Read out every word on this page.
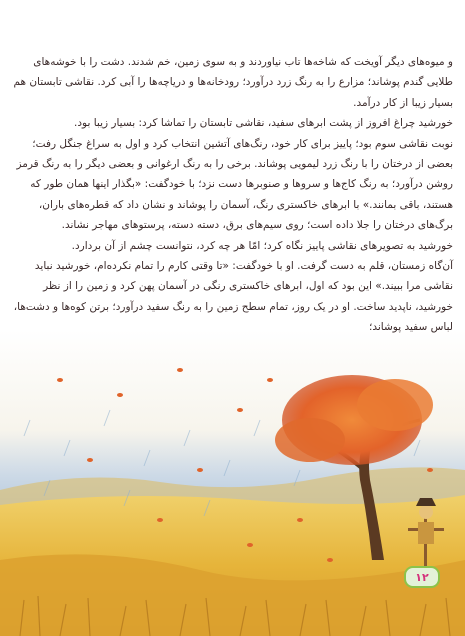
و میوه‌های دیگر آویخت که شاخه‌ها تاب نیاوردند و به سوی زمین، خم شدند. دشت را با خوشه‌های طلایی گندم پوشاند؛ مزارع را به رنگ زرد درآورد؛ رودخانه‌ها و دریاچه‌ها را آبی کرد. نقاشی تابستان هم بسیار زیبا از کار درآمد.

خورشید چراغ افروز از پشت ابرهای سفید، نقاشی تابستان را تماشا کرد: بسیار زیبا بود.

نوبت نقاشی سوم بود؛ پاییز برای کار خود، رنگ‌های آتشین انتخاب کرد و اول به سراغ جنگل رفت؛ بعضی از درختان را با رنگ زرد لیمویی پوشاند. برخی را به رنگ ارغوانی و بعضی دیگر را به رنگ قرمز روشن درآورد؛ به رنگ کاج‌ها و سروها و صنوبرها دست نزد؛ با خودگفت: «بگذار اینها همان طور که هستند، باقی بمانند.» با ابرهای خاکستری رنگ، آسمان را پوشاند و نشان داد که قطره‌های باران، برگ‌های درختان را جلا داده است؛ روی سیم‌های برق، دسته دسته، پرستوهای مهاجر نشاند.

خورشید به تصویرهای نقاشی پاییز نگاه کرد؛ امّا هر چه کرد، نتوانست چشم از آن بردارد.

آن‌گاه زمستان، قلم به دست گرفت. او با خودگفت: «تا وقتی کارم را تمام نکرده‌ام، خورشید نباید نقاشی مرا ببیند.» این بود که اول، ابرهای خاکستری رنگی در آسمان پهن کرد و زمین را از نظر خورشید، ناپدید ساخت. او در یک روز، تمام سطح زمین را به رنگ سفید درآورد؛ برتن کوه‌ها و دشت‌ها، لباس سفید پوشاند؛

۱۲
